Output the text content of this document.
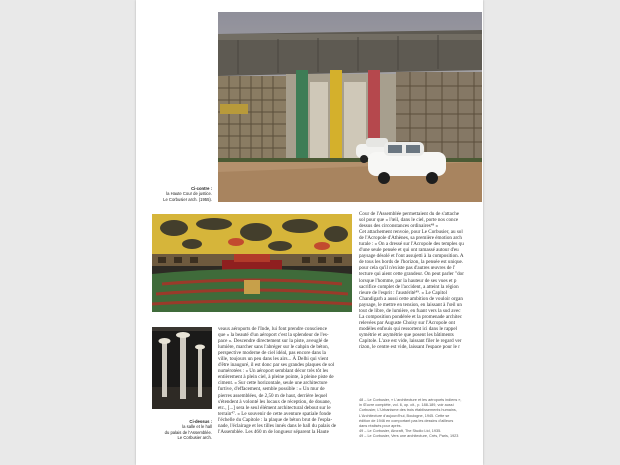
Ci-contre :
la Haute Cour de justice.
Le Corbusier arch. (1955).
Ci-dessus :
la salle et le hall
du palais de l'Assemblée.
Le Corbusier arch.

Cour de l'Assemblée permettaient du de s'attache

sol pour que « l'œil, dans le ciel, porte nos conce

dessus des circonstances ordinaires⁴⁸ »

Cet attachement renvoie, pour Le Corbusier, au sol

de l'Acropole d'Athènes, sa première émotion arch

turale : « On a dressé sur l'Acropole des temples qu

d'une seule pensée et qui ont ramassé autour d'eu

paysage désolé et l'ont assujetti à la composition. A

de tous les bords de l'horizon, la pensée est unique.

pour cela qu'il n'existe pas d'autres œuvres de l'

tecture qui aient cette grandeur. On peut parler "dor

lorsque l'homme, par la hauteur de ses vues et p

sacrifice complet de l'accident, a atteint la région

rieure de l'esprit : l'austérité⁴⁹. » Le Capitol

Chandigarh a aussi cette ambition de vouloir organ

paysage, le mettre en tension, en laissant à l'œil un

tout de libre, de lumière, en fuant vers la sud avec

La composition pondérée et la promenade architec

relevées par Auguste Choisy sur l'Acropole ont

modèles enfouis qui ressortent ici dans le rappel

symétrie et asymétrie que posent les bâtiments

Capitole. L'axe est vide, laissant filer le regard ver

rizon, le centre est vide, laissant l'espace pour le r

veaux aéroports de l'Inde, lui font prendre conscience

que « la beauté d'un aéroport c'est la splendeur de l'es-

pace ». Descendre directement sur la piste, aveuglé de

lumière, marcher sans l'abréger sur le cahpin de béton,

perspective moderne de ciel idéal, pas encore dans la

ville, toujours un peu dans les airs... À Delhi qui vient

d'être inauguré, il est donc par ses grandes plaques de sol

numérotées : « Un aéroport semblant décor très tôt les

entièrement à plein ciel, à pleine pointe, à pleine piste de

ciment. » Sur cette horizontale, seule une architecture

furtive, d'effacement, semble possible : « Un mur de

pierres assemblées, de 2,50 m de haut, derrière lequel

s'étendent à volonté les locaux de réception, de douane,

etc., [...] sera le seul élément architectural debout sur le

terrain⁴⁷. » Le souvenir de cette aventure spatiale fonde

l'échelle du Capitole : la plaque de béton brut de l'espla-

nade, l'éclairage et les tilles innés dans le hall du palais de

l'Assemblée. Les 460 m de longueur séparent la Haute

48 – Le Corbusier, « L'architecture et les aéroports indiens »,

in Œuvre complète, vol. 6, op. cit., p. 188-189, voir aussi

Corbusier, L'Urbanisme des trois établissements humains,

L'Architecture d'aujourd'hui, Boulogne, 1945. Cette se

édition de 1946 en comportant pas les dessins d'ailleurs

dans réalisés pour après.

49 – Le Corbusier, Aircraft, The Studio Ltd, 1935.

49 – Le Corbusier, Vers une architecture, Crès, Paris, 1923
